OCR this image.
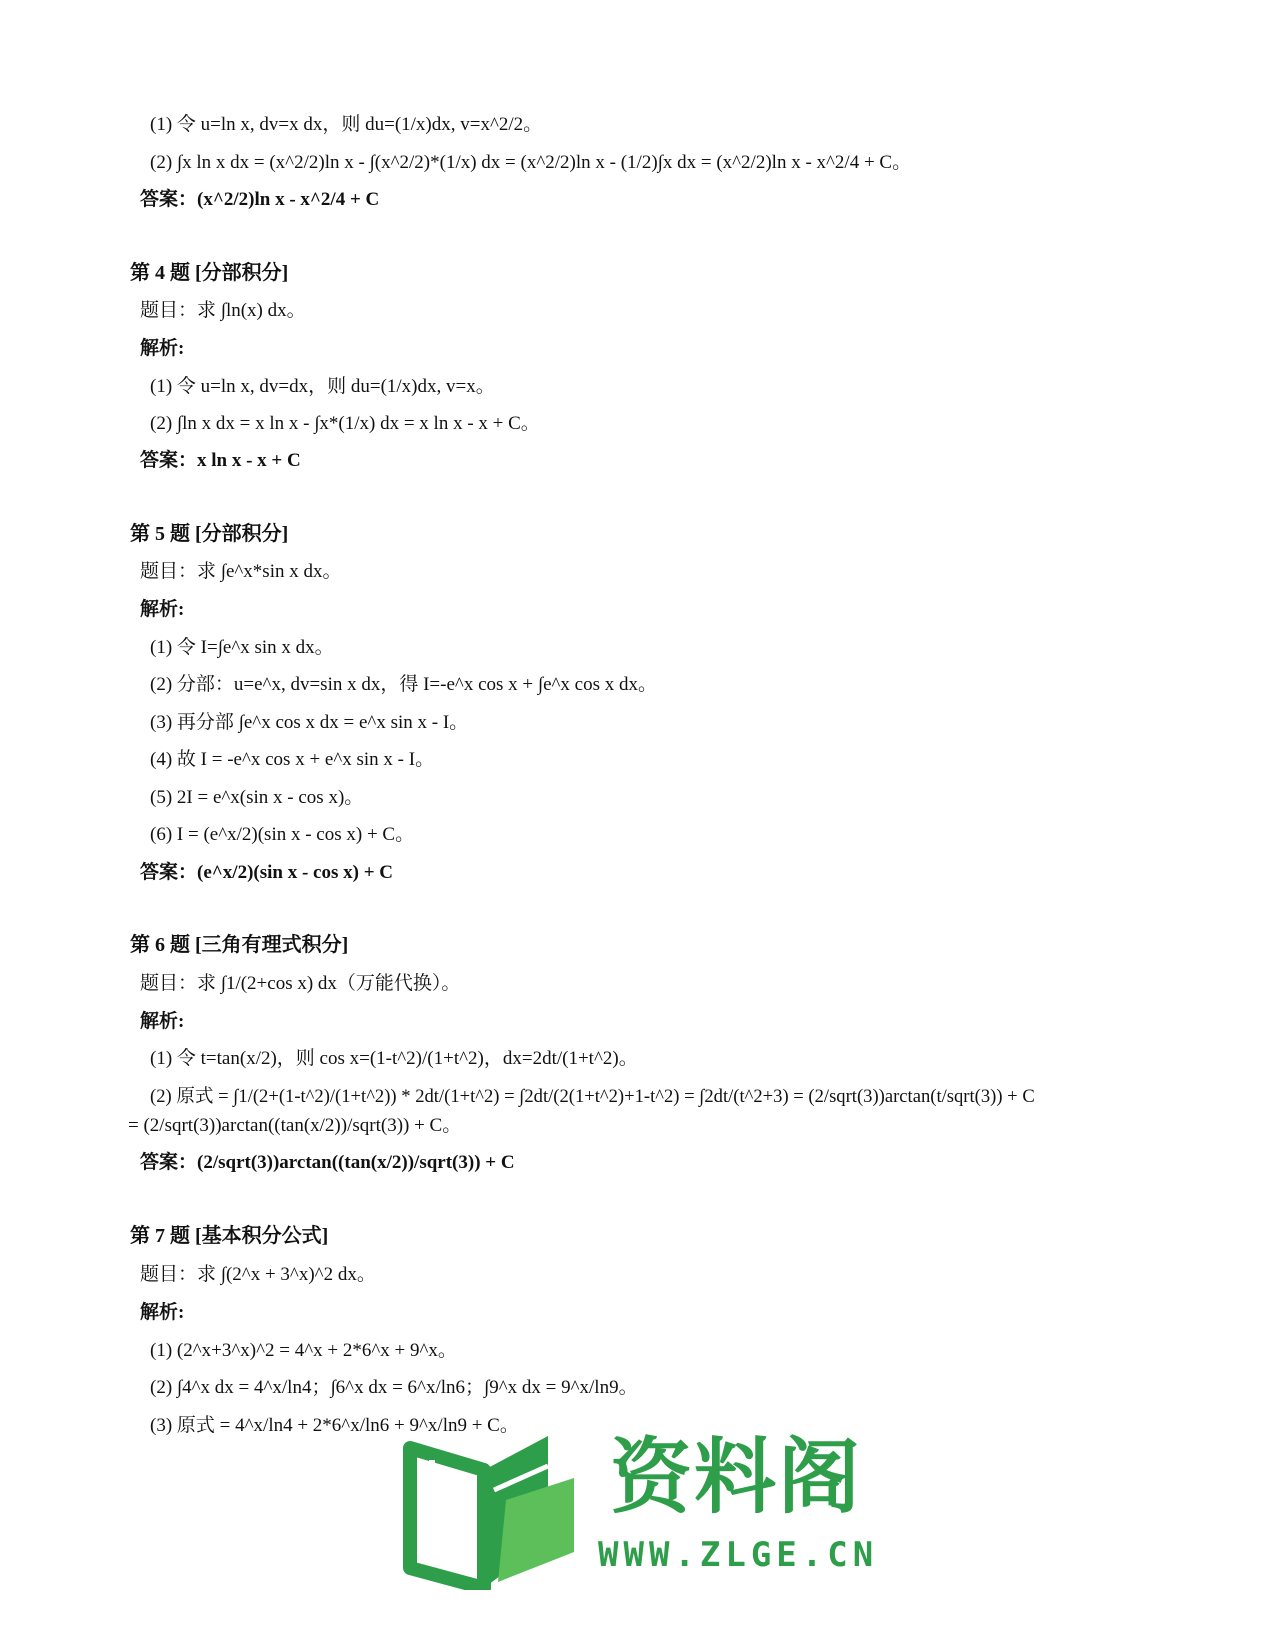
(1) 令 u=ln x, dv=x dx，则 du=(1/x)dx, v=x^2/2。
(2) ∫x ln x dx = (x^2/2)ln x - ∫(x^2/2)*(1/x) dx = (x^2/2)ln x - (1/2)∫x dx = (x^2/2)ln x - x^2/4 + C。
答案：(x^2/2)ln x - x^2/4 + C
第 4 题 [分部积分]
题目：求 ∫ln(x) dx。
解析:
(1) 令 u=ln x, dv=dx，则 du=(1/x)dx, v=x。
(2) ∫ln x dx = x ln x - ∫x*(1/x) dx = x ln x - x + C。
答案：x ln x - x + C
第 5 题 [分部积分]
题目：求 ∫e^x*sin x dx。
解析:
(1) 令 I=∫e^x sin x dx。
(2) 分部：u=e^x, dv=sin x dx，得 I=-e^x cos x + ∫e^x cos x dx。
(3) 再分部 ∫e^x cos x dx = e^x sin x - I。
(4) 故 I = -e^x cos x + e^x sin x - I。
(5) 2I = e^x(sin x - cos x)。
(6) I = (e^x/2)(sin x - cos x) + C。
答案：(e^x/2)(sin x - cos x) + C
第 6 题 [三角有理式积分]
题目：求 ∫1/(2+cos x) dx（万能代换）。
解析:
(1) 令 t=tan(x/2)，则 cos x=(1-t^2)/(1+t^2)，dx=2dt/(1+t^2)。
(2) 原式 = ∫1/(2+(1-t^2)/(1+t^2)) * 2dt/(1+t^2) = ∫2dt/(2(1+t^2)+1-t^2) = ∫2dt/(t^2+3) = (2/sqrt(3))arctan(t/sqrt(3)) + C
= (2/sqrt(3))arctan((tan(x/2))/sqrt(3)) + C。
答案：(2/sqrt(3))arctan((tan(x/2))/sqrt(3)) + C
第 7 题 [基本积分公式]
题目：求 ∫(2^x + 3^x)^2 dx。
解析:
(1) (2^x+3^x)^2 = 4^x + 2*6^x + 9^x。
(2) ∫4^x dx = 4^x/ln4；∫6^x dx = 6^x/ln6；∫9^x dx = 9^x/ln9。
(3) 原式 = 4^x/ln4 + 2*6^x/ln6 + 9^x/ln9 + C。
资料阁
WWW.ZLGE.CN
